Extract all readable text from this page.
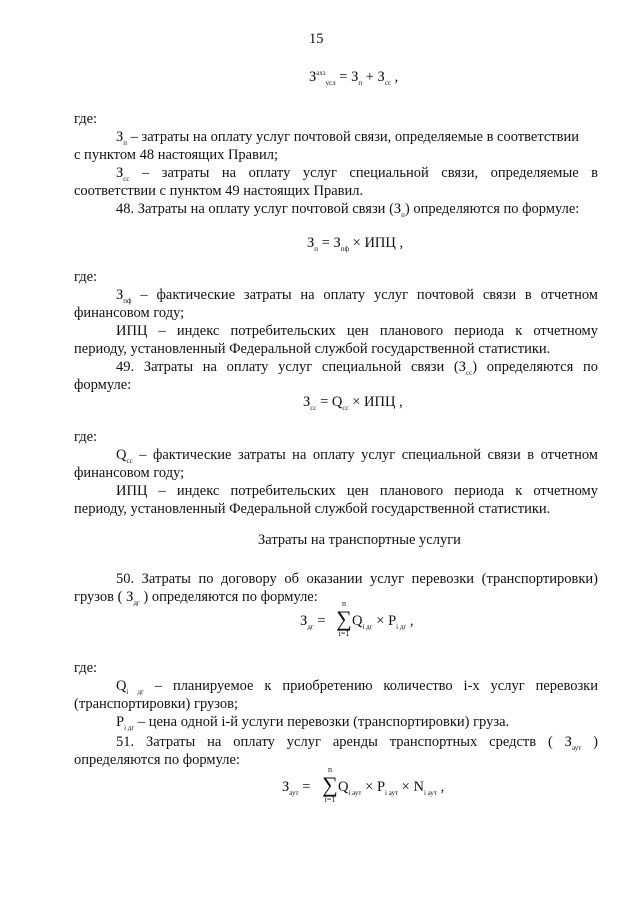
15
$З^{ахз}_{усл} = З_п + З_{сс}$ ,
где:
$З_п$ – затраты на оплату услуг почтовой связи, определяемые в соответствии
с пунктом 48 настоящих Правил;
$З_{сс}$ – затраты на оплату услуг специальной связи, определяемые в
соответствии с пунктом 49 настоящих Правил.
48. Затраты на оплату услуг почтовой связи $(З_п)$ определяются по формуле:
$З_п = З_{пф}$ × ИПЦ ,
где:
$З_{пф}$ – фактические затраты на оплату услуг почтовой связи в отчетном
финансовом году;
ИПЦ – индекс потребительских цен планового периода к отчетному
периоду, установленный Федеральной службой государственной статистики.
49. Затраты на оплату услуг специальной связи $(З_{сс})$ определяются по
формуле:
$З_{сс} = Q_{сс}$ × ИПЦ ,
где:
$Q_{сс}$ – фактические затраты на оплату услуг специальной связи в отчетном
финансовом году;
ИПЦ – индекс потребительских цен планового периода к отчетному
периоду, установленный Федеральной службой государственной статистики.
Затраты на транспортные услуги
50. Затраты по договору об оказании услуг перевозки (транспортировки)
грузов ( $З_{дг}$ ) определяются по формуле:
$З_{дг}$ =
n
∑
i=1
$Q_{i дг} \times P_{i дг}$ ,
где:
$Q_{i дг}$ – планируемое к приобретению количество i-х услуг перевозки
(транспортировки) грузов;
$P_{i дг}$ – цена одной i-й услуги перевозки (транспортировки) груза.
51. Затраты на оплату услуг аренды транспортных средств ( $З_{аут}$ )
определяются по формуле:
$З_{аут}$ =
n
∑
i=1
$Q_{i аут} \times P_{i аут} \times N_{i аут}$ ,
